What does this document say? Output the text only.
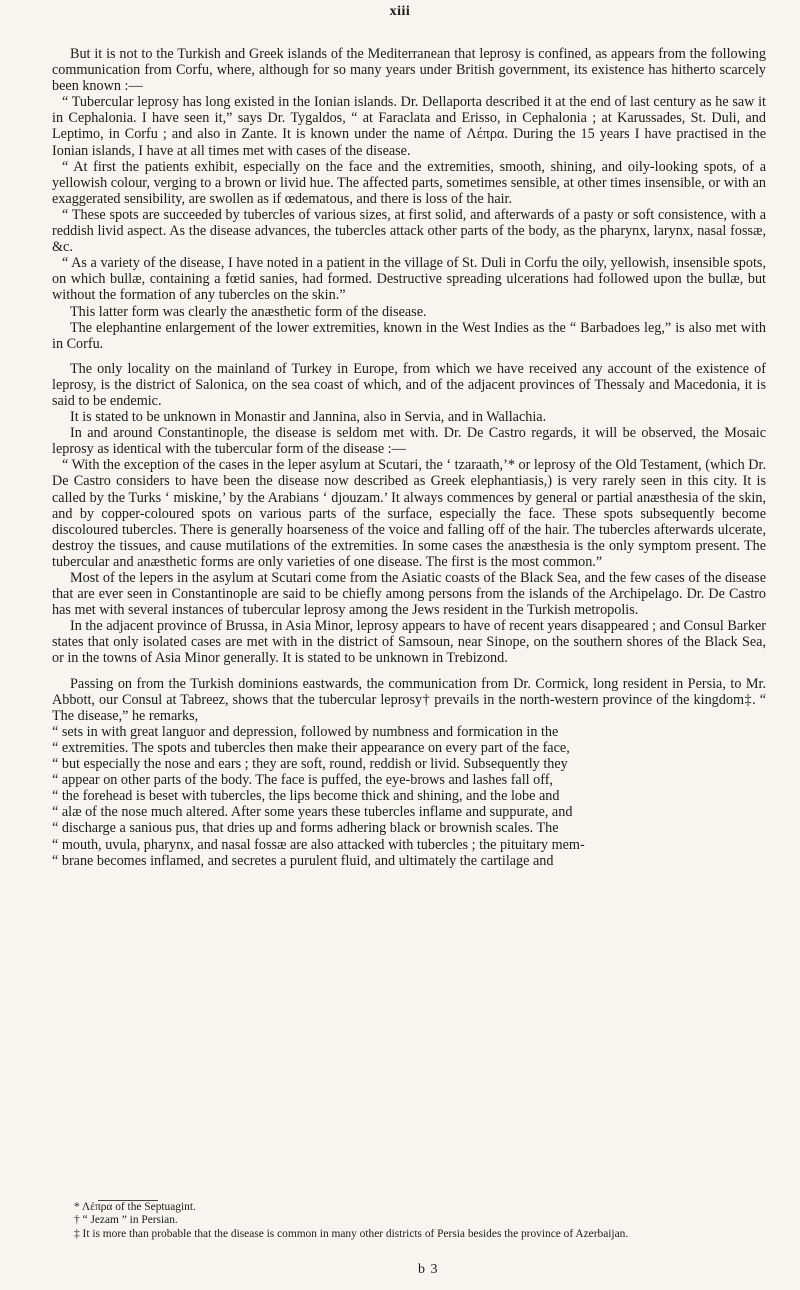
xiii

But it is not to the Turkish and Greek islands of the Mediterranean that leprosy is confined, as appears from the following communication from Corfu, where, although for so many years under British government, its existence has hitherto scarcely been known :—

“ Tubercular leprosy has long existed in the Ionian islands. Dr. Dellaporta described it at the end of last century as he saw it in Cephalonia. I have seen it,” says Dr. Tygaldos, “ at Faraclata and Erisso, in Cephalonia ; at Karussades, St. Duli, and Leptimo, in Corfu ; and also in Zante. It is known under the name of Λέπρα. During the 15 years I have practised in the Ionian islands, I have at all times met with cases of the disease.

“ At first the patients exhibit, especially on the face and the extremities, smooth, shining, and oily-looking spots, of a yellowish colour, verging to a brown or livid hue. The affected parts, sometimes sensible, at other times insensible, or with an exaggerated sensibility, are swollen as if œdematous, and there is loss of the hair.

“ These spots are succeeded by tubercles of various sizes, at first solid, and afterwards of a pasty or soft consistence, with a reddish livid aspect. As the disease advances, the tubercles attack other parts of the body, as the pharynx, larynx, nasal fossæ, &c.

“ As a variety of the disease, I have noted in a patient in the village of St. Duli in Corfu the oily, yellowish, insensible spots, on which bullæ, containing a fœtid sanies, had formed. Destructive spreading ulcerations had followed upon the bullæ, but without the formation of any tubercles on the skin.”

This latter form was clearly the anæsthetic form of the disease.

The elephantine enlargement of the lower extremities, known in the West Indies as the “ Barbadoes leg,” is also met with in Corfu.

The only locality on the mainland of Turkey in Europe, from which we have received any account of the existence of leprosy, is the district of Salonica, on the sea coast of which, and of the adjacent provinces of Thessaly and Macedonia, it is said to be endemic.

It is stated to be unknown in Monastir and Jannina, also in Servia, and in Wallachia.

In and around Constantinople, the disease is seldom met with. Dr. De Castro regards, it will be observed, the Mosaic leprosy as identical with the tubercular form of the disease :—

“ With the exception of the cases in the leper asylum at Scutari, the ‘ tzaraath,’* or leprosy of the Old Testament, (which Dr. De Castro considers to have been the disease now described as Greek elephantiasis,) is very rarely seen in this city. It is called by the Turks ‘ miskine,’ by the Arabians ‘ djouzam.’ It always commences by general or partial anæsthesia of the skin, and by copper-coloured spots on various parts of the surface, especially the face. These spots subsequently become discoloured tubercles. There is generally hoarseness of the voice and falling off of the hair. The tubercles afterwards ulcerate, destroy the tissues, and cause mutilations of the extremities. In some cases the anæsthesia is the only symptom present. The tubercular and anæsthetic forms are only varieties of one disease. The first is the most common.”

Most of the lepers in the asylum at Scutari come from the Asiatic coasts of the Black Sea, and the few cases of the disease that are ever seen in Constantinople are said to be chiefly among persons from the islands of the Archipelago. Dr. De Castro has met with several instances of tubercular leprosy among the Jews resident in the Turkish metropolis.

In the adjacent province of Brussa, in Asia Minor, leprosy appears to have of recent years disappeared ; and Consul Barker states that only isolated cases are met with in the district of Samsoun, near Sinope, on the southern shores of the Black Sea, or in the towns of Asia Minor generally. It is stated to be unknown in Trebizond.

Passing on from the Turkish dominions eastwards, the communication from Dr. Cormick, long resident in Persia, to Mr. Abbott, our Consul at Tabreez, shows that the tubercular leprosy† prevails in the north-western province of the kingdom‡. “ The disease,” he remarks,

“ sets in with great languor and depression, followed by numbness and formication in the

“ extremities. The spots and tubercles then make their appearance on every part of the face,

“ but especially the nose and ears ; they are soft, round, reddish or livid. Subsequently they

“ appear on other parts of the body. The face is puffed, the eye-brows and lashes fall off,

“ the forehead is beset with tubercles, the lips become thick and shining, and the lobe and

“ alæ of the nose much altered. After some years these tubercles inflame and suppurate, and

“ discharge a sanious pus, that dries up and forms adhering black or brownish scales. The

“ mouth, uvula, pharynx, and nasal fossæ are also attacked with tubercles ; the pituitary mem-

“ brane becomes inflamed, and secretes a purulent fluid, and ultimately the cartilage and

* Λέπρα of the Septuagint.

† “ Jezam ” in Persian.

‡ It is more than probable that the disease is common in many other districts of Persia besides the province of Azerbaijan.

b 3
